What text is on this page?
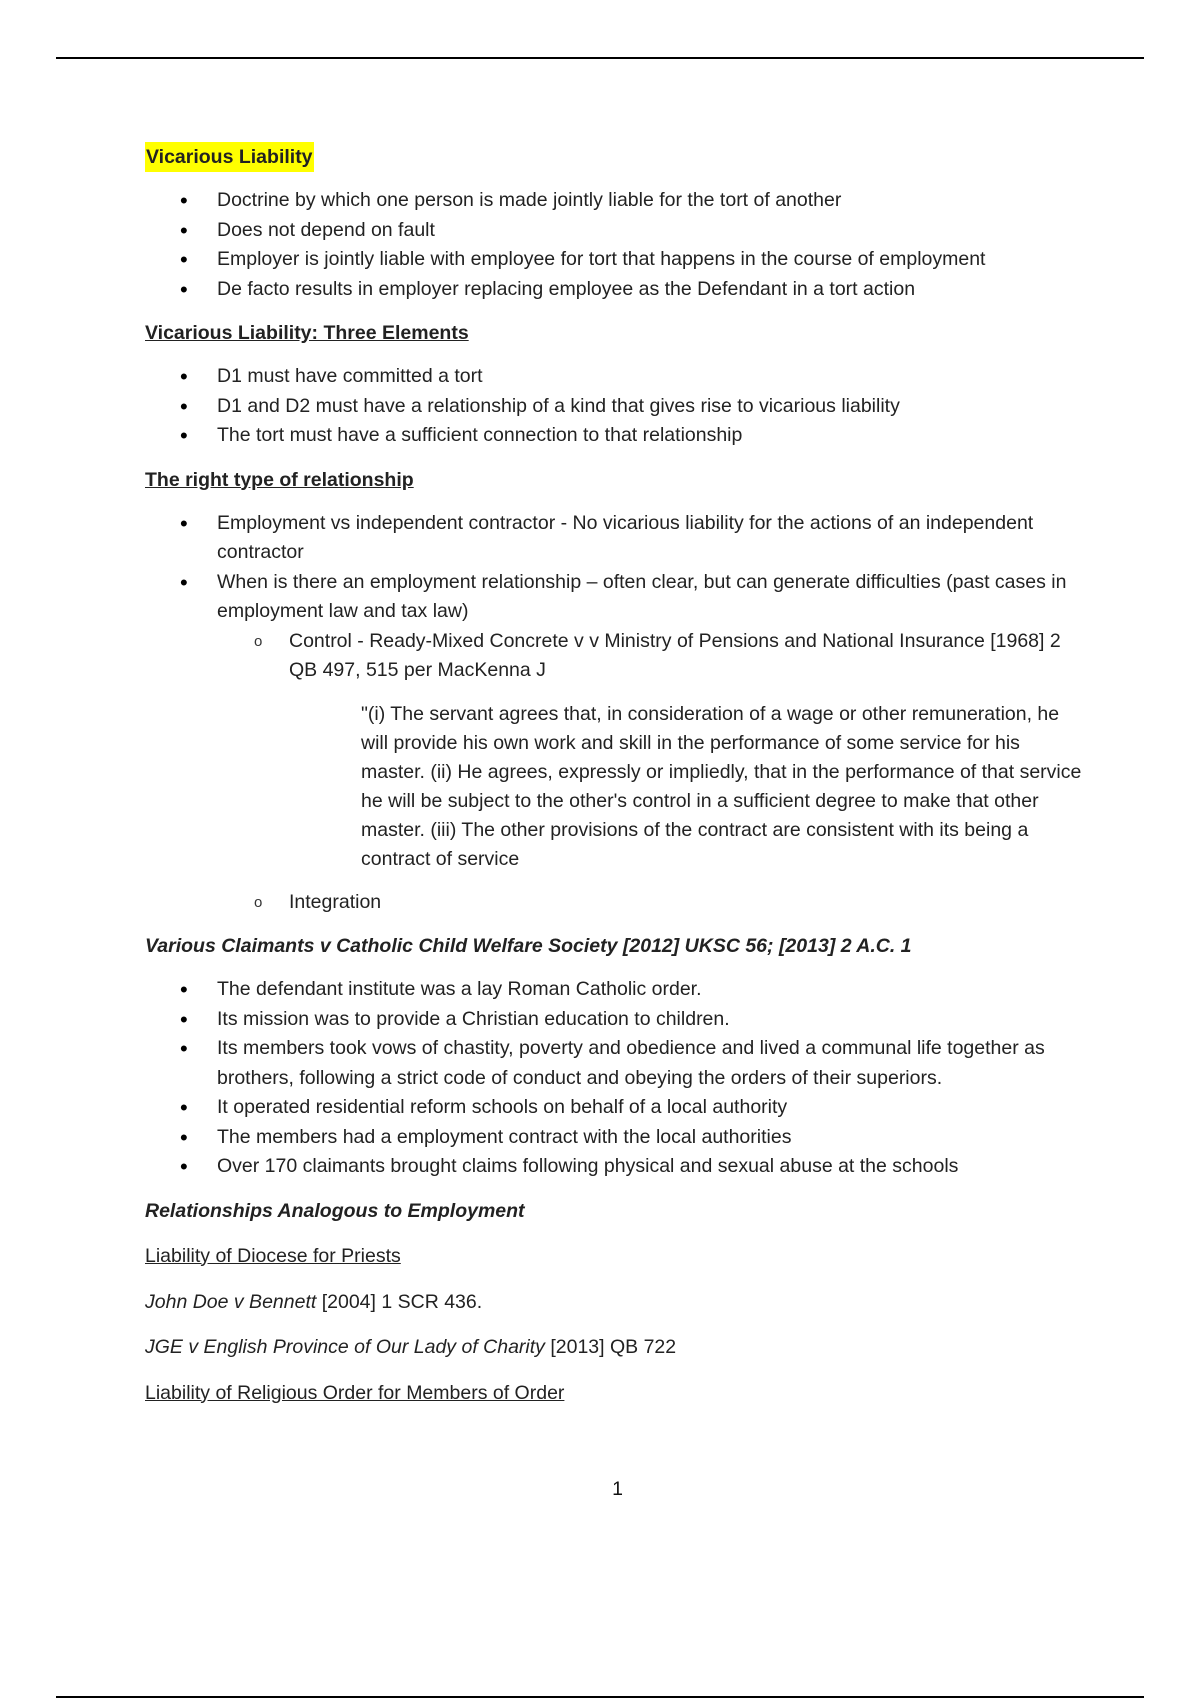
Vicarious Liability

• Doctrine by which one person is made jointly liable for the tort of another
• Does not depend on fault
• Employer is jointly liable with employee for tort that happens in the course of employment
• De facto results in employer replacing employee as the Defendant in a tort action

Vicarious Liability: Three Elements

• D1 must have committed a tort
• D1 and D2 must have a relationship of a kind that gives rise to vicarious liability
• The tort must have a sufficient connection to that relationship

The right type of relationship

• Employment vs independent contractor - No vicarious liability for the actions of an independent contractor
• When is there an employment relationship – often clear, but can generate difficulties (past cases in employment law and tax law)
o Control - Ready-Mixed Concrete v v Ministry of Pensions and National Insurance [1968] 2 QB 497, 515 per MacKenna J

"(i) The servant agrees that, in consideration of a wage or other remuneration, he will provide his own work and skill in the performance of some service for his master. (ii) He agrees, expressly or impliedly, that in the performance of that service he will be subject to the other's control in a sufficient degree to make that other master. (iii) The other provisions of the contract are consistent with its being a contract of service

o Integration

Various Claimants v Catholic Child Welfare Society [2012] UKSC 56; [2013] 2 A.C. 1

• The defendant institute was a lay Roman Catholic order.
• Its mission was to provide a Christian education to children.
• Its members took vows of chastity, poverty and obedience and lived a communal life together as brothers, following a strict code of conduct and obeying the orders of their superiors.
• It operated residential reform schools on behalf of a local authority
• The members had a employment contract with the local authorities
• Over 170 claimants brought claims following physical and sexual abuse at the schools

Relationships Analogous to Employment

Liability of Diocese for Priests

John Doe v Bennett [2004] 1 SCR 436.

JGE v English Province of Our Lady of Charity [2013] QB 722

Liability of Religious Order for Members of Order

1
